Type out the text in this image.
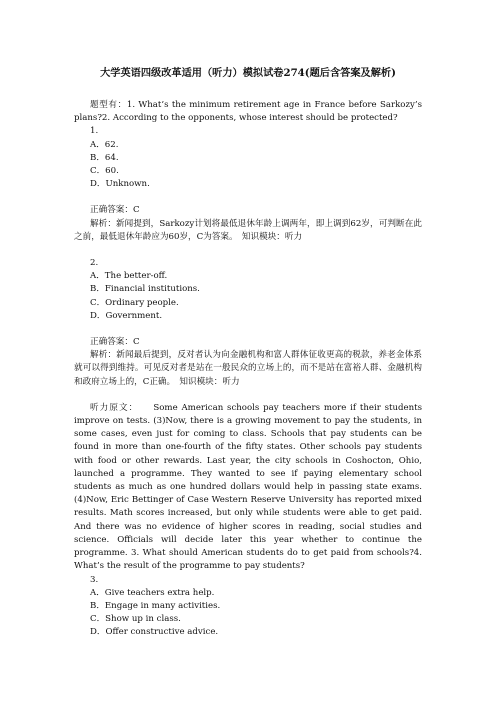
大学英语四级改革适用（听力）模拟试卷274(题后含答案及解析)

题型有：1. What’s the minimum retirement age in France before Sarkozy’s plans?2. According to the opponents, whose interest should be protected?

1.

A．62.

B．64.

C．60.

D．Unknown.

正确答案：C

解析：新闻提到，Sarkozy计划将最低退休年龄上调两年，即上调到62岁，可判断在此之前，最低退休年龄应为60岁，C为答案。　知识模块：听力

2.

A．The better-off.

B．Financial institutions.

C．Ordinary people.

D．Government.

正确答案：C

解析：新闻最后提到，反对者认为向金融机构和富人群体征收更高的税款，养老金体系就可以得到维持。可见反对者是站在一般民众的立场上的，而不是站在富裕人群、金融机构和政府立场上的，C正确。　知识模块：听力

听力原文：　　Some American schools pay teachers more if their students improve on tests. (3)Now, there is a growing movement to pay the students, in some cases, even just for coming to class. Schools that pay students can be found in more than one-fourth of the fifty states. Other schools pay students with food or other rewards. Last year, the city schools in Coshocton, Ohio, launched a programme. They wanted to see if paying elementary school students as much as one hundred dollars would help in passing state exams. (4)Now, Eric Bettinger of Case Western Reserve University has reported mixed results. Math scores increased, but only while students were able to get paid. And there was no evidence of higher scores in reading, social studies and science. Officials will decide later this year whether to continue the programme. 3. What should American students do to get paid from schools?4. What’s the result of the programme to pay students?

3.

A．Give teachers extra help.

B．Engage in many activities.

C．Show up in class.

D．Offer constructive advice.
